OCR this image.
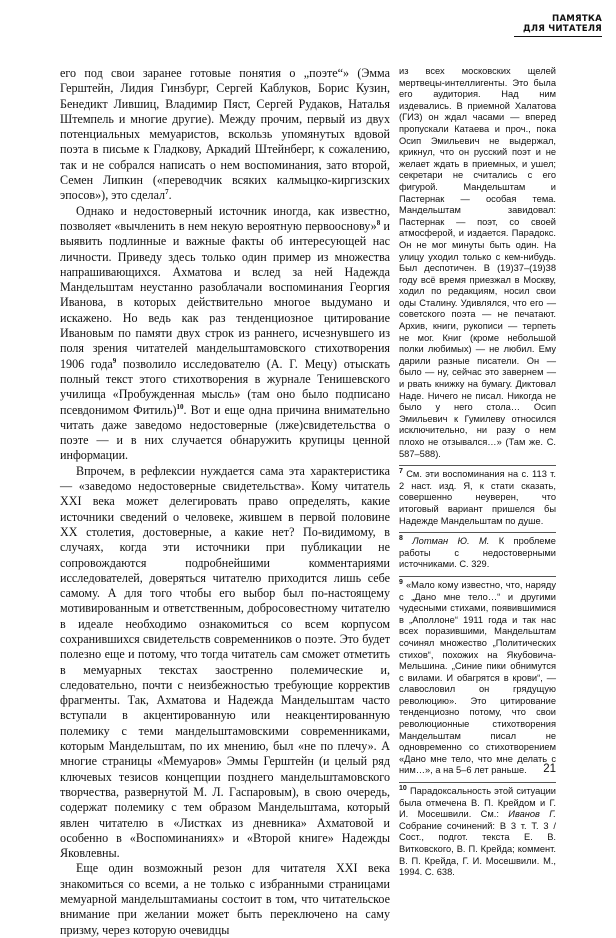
ПАМЯТКА
ДЛЯ ЧИТАТЕЛЯ

его под свои заранее готовые понятия о „поэте“» (Эмма Герштейн, Лидия Гинзбург, Сергей Каблуков, Борис Кузин, Бенедикт Лившиц, Владимир Пяст, Сергей Рудаков, Наталья Штемпель и многие другие). Между прочим, первый из двух потенциальных мемуаристов, вскользь упомянутых вдовой поэта в письме к Гладкову, Аркадий Штейнберг, к сожалению, так и не собрался написать о нем воспоминания, зато второй, Семен Липкин («переводчик всяких калмыцко-киргизских эпосов»), это сделал$^7$.

Однако и недостоверный источник иногда, как известно, позволяет «вычленить в нем некую вероятную первооснову»$^8$ и выявить подлинные и важные факты об интересующей нас личности. Приведу здесь только один пример из множества напрашивающихся. Ахматова и вслед за ней Надежда Мандельштам неустанно разоблачали воспоминания Георгия Иванова, в которых действительно многое выдумано и искажено. Но ведь как раз тенденциозное цитирование Ивановым по памяти двух строк из раннего, исчезнувшего из поля зрения читателей мандельштамовского стихотворения 1906 года$^9$ позволило исследователю (А. Г. Мецу) отыскать полный текст этого стихотворения в журнале Тенишевского училища «Пробужденная мысль» (там оно было подписано псевдонимом Фитиль)$^{10}$. Вот и еще одна причина внимательно читать даже заведомо недостоверные (лже)свидетельства о поэте — и в них случается обнаружить крупицы ценной информации.

Впрочем, в рефлексии нуждается сама эта характеристика — «заведомо недостоверные свидетельства». Кому читатель XXI века может делегировать право определять, какие источники сведений о человеке, жившем в первой половине XX столетия, достоверные, а какие нет? По-видимому, в случаях, когда эти источники при публикации не сопровождаются подробнейшими комментариями исследователей, доверяться читателю приходится лишь себе самому. А для того чтобы его выбор был по-настоящему мотивированным и ответственным, добросовестному читателю в идеале необходимо ознакомиться со всем корпусом сохранившихся свидетельств современников о поэте. Это будет полезно еще и потому, что тогда читатель сам сможет отметить в мемуарных текстах заостренно полемические и, следовательно, почти с неизбежностью требующие корректив фрагменты. Так, Ахматова и Надежда Мандельштам часто вступали в акцентированную или неакцентированную полемику с теми мандельштамовскими современниками, которым Мандельштам, по их мнению, был «не по плечу». А многие страницы «Мемуаров» Эммы Герштейн (и целый ряд ключевых тезисов концепции позднего мандельштамовского творчества, развернутой М. Л. Гаспаровым), в свою очередь, содержат полемику с тем образом Мандельштама, который явлен читателю в «Листках из дневника» Ахматовой и особенно в «Воспоминаниях» и «Второй книге» Надежды Яковлевны.

Еще один возможный резон для читателя XXI века знакомиться со всеми, а не только с избранными страницами мемуарной мандельштамианы состоит в том, что читательское внимание при желании может быть переключено на саму призму, через которую очевидцы

из всех московских щелей мертвецы-интеллигенты. Это была его аудитория. Над ним издевались. В приемной Халатова (ГИЗ) он ждал часами — вперед пропускали Катаева и проч., пока Осип Эмильевич не выдержал, крикнул, что он русский поэт и не желает ждать в приемных, и ушел; секретари не считались с его фигурой. Мандельштам и Пастернак — особая тема. Мандельштам завидовал: Пастернак — поэт, со своей атмосферой, и издается. Парадокс. Он не мог минуты быть один. На улицу уходил только с кем-нибудь. Был деспотичен. В (19)37–(19)38 году всё время приезжал в Москву, ходил по редакциям, носил свои оды Сталину. Удивлялся, что его — советского поэта — не печатают. Архив, книги, рукописи — терпеть не мог. Книг (кроме небольшой полки любимых) — не любил. Ему дарили разные писатели. Он — было — ну, сейчас это завернем — и рвать книжку на бумагу. Диктовал Наде. Ничего не писал. Никогда не было у него стола… Осип Эмильевич к Гумилеву относился исключительно, ни разу о нем плохо не отзывался…» (Там же. С. 587–588).

$^7$ См. эти воспоминания на с. 113 т. 2 наст. изд. Я, к стати сказать, совершенно неуверен, что итоговый вариант пришелся бы Надежде Мандельштам по душе.

$^8$ Лотман Ю. М. К проблеме работы с недостоверными источниками. С. 329.

$^9$ «Мало кому известно, что, наряду с „Дано мне тело…“ и другими чудесными стихами, появившимися в „Аполлоне“ 1911 года и так нас всех поразившими, Мандельштам сочинял множество „Политических стихов“, похожих на Якубовича-Мельшина. „Синие пики обнимутся с вилами. И обагрятся в крови“, — славословил он грядущую революцию». Это цитирование тенденциозно потому, что свои революционные стихотворения Мандельштам писал не одновременно со стихотворением «Дано мне тело, что мне делать с ним…», а на 5–6 лет раньше.

$^{10}$ Парадоксальность этой ситуации была отмечена В. П. Крейдом и Г. И. Мосешвили. См.: Иванов Г. Собрание сочинений: В 3 т. Т. 3 / Сост., подгот. текста Е. В. Витковского, В. П. Крейда; коммент. В. П. Крейда, Г. И. Мосешвили. М., 1994. С. 638.

21
